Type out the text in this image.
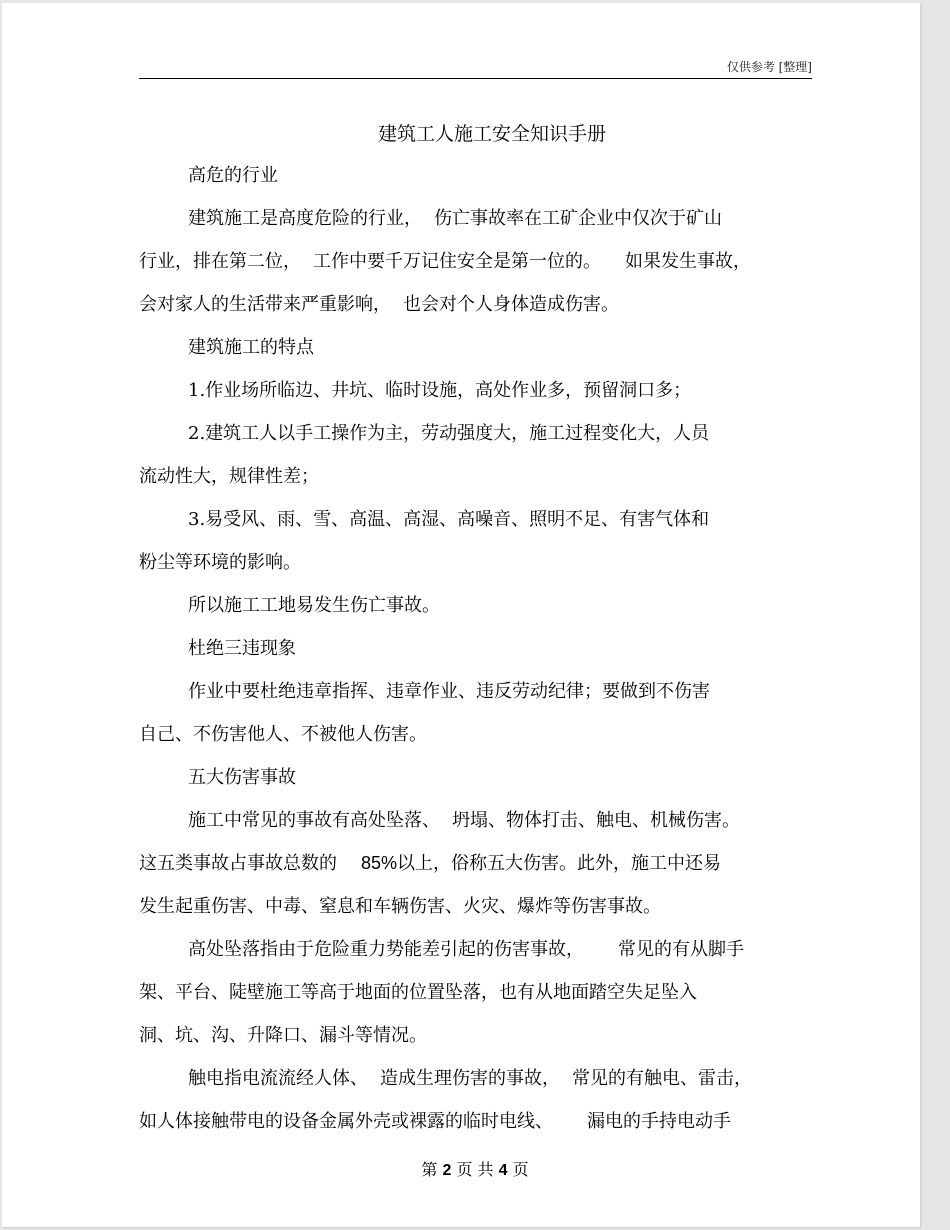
仅供参考 [整理]
建筑工人施工安全知识手册
高危的行业
建筑施工是高度危险的行业， 伤亡事故率在工矿企业中仅次于矿山
行业，排在第二位， 工作中要千万记住安全是第一位的。 如果发生事故，
会对家人的生活带来严重影响， 也会对个人身体造成伤害。
建筑施工的特点
1.作业场所临边、井坑、临时设施，高处作业多，预留洞口多；
2.建筑工人以手工操作为主，劳动强度大，施工过程变化大，人员
流动性大，规律性差；
3.易受风、雨、雪、高温、高湿、高噪音、照明不足、有害气体和
粉尘等环境的影响。
所以施工工地易发生伤亡事故。
杜绝三违现象
作业中要杜绝违章指挥、违章作业、违反劳动纪律；要做到不伤害
自己、不伤害他人、不被他人伤害。
五大伤害事故
施工中常见的事故有高处坠落、 坍塌、物体打击、触电、机械伤害。
这五类事故占事故总数的 85%以上，俗称五大伤害。此外，施工中还易
发生起重伤害、中毒、窒息和车辆伤害、火灾、爆炸等伤害事故。
高处坠落指由于危险重力势能差引起的伤害事故， 常见的有从脚手
架、平台、陡壁施工等高于地面的位置坠落，也有从地面踏空失足坠入
洞、坑、沟、升降口、漏斗等情况。
触电指电流流经人体、 造成生理伤害的事故， 常见的有触电、雷击，
如人体接触带电的设备金属外壳或裸露的临时电线、 漏电的手持电动手
第 2 页 共 4 页
